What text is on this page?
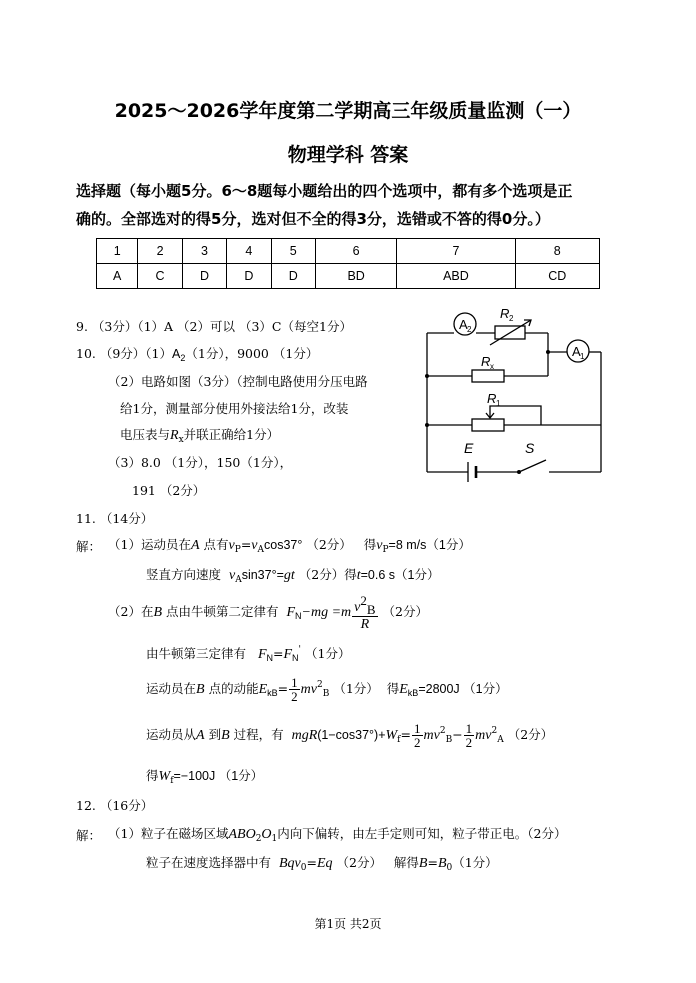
2025～2026学年度第二学期高三年级质量监测（一）
物理学科 答案
选择题（每小题5分。6～8题每小题给出的四个选项中，都有多个选项是正
确的。全部选对的得5分，选对但不全的得3分，选错或不答的得0分。）
1	2	3	4	5	6	7	8
A	C	D	D	D	BD	ABD	CD
9. （3分）（1）A （2）可以 （3）C（每空1分）
10. （9分）$(1)A_2(1$分），9000 （1分）
（2）电路如图（3分）（控制电路使用分压电路
给1分，测量部分使用外接法给1分，改装
电压表与$R_x$并联正确给1分）
（3）8.0 （1分），150（1分），
191 （2分）
A 2
A 1
R 2
R x
R 1
E	S
11. （14分）
解： （1）运动员在A 点有$v_P=v_A\cos 37^\circ$ （2分） 得$v_P=8$ m/s（1分）
竖直方向速度 $v_A\sin 37^\circ=gt$ （2分）得t=0.6 s（1分）
（2）在B 点由牛顿第二定律有 $F_N-mg =m \frac{v2B}{R} (2$分）
由牛顿第三定律有 $F_N=F_N'$ （1分）
运动员在B 点的动能$E_{kB}= \frac{1}{2} mv^2_B$ （1分） 得$E_{kB}=2800J$ （1分）
运动员从A 到B 过程，有 $mgR(1-\cos 37^\circ)+W_f= \frac{1}{2} mv^2_B- \frac{1}{2} mv^2_A$ （2分）
得$W_f=-100J$ （1分）
12. （16分）
解： （1）粒子在磁场区域$ABO_2O_1$内向下偏转，由左手定则可知，粒子带正电。（2分）
粒子在速度选择器中有 Bqv$_0$=Eq （2分） 解得$B=B_0(1$分）
第1页 共2页
